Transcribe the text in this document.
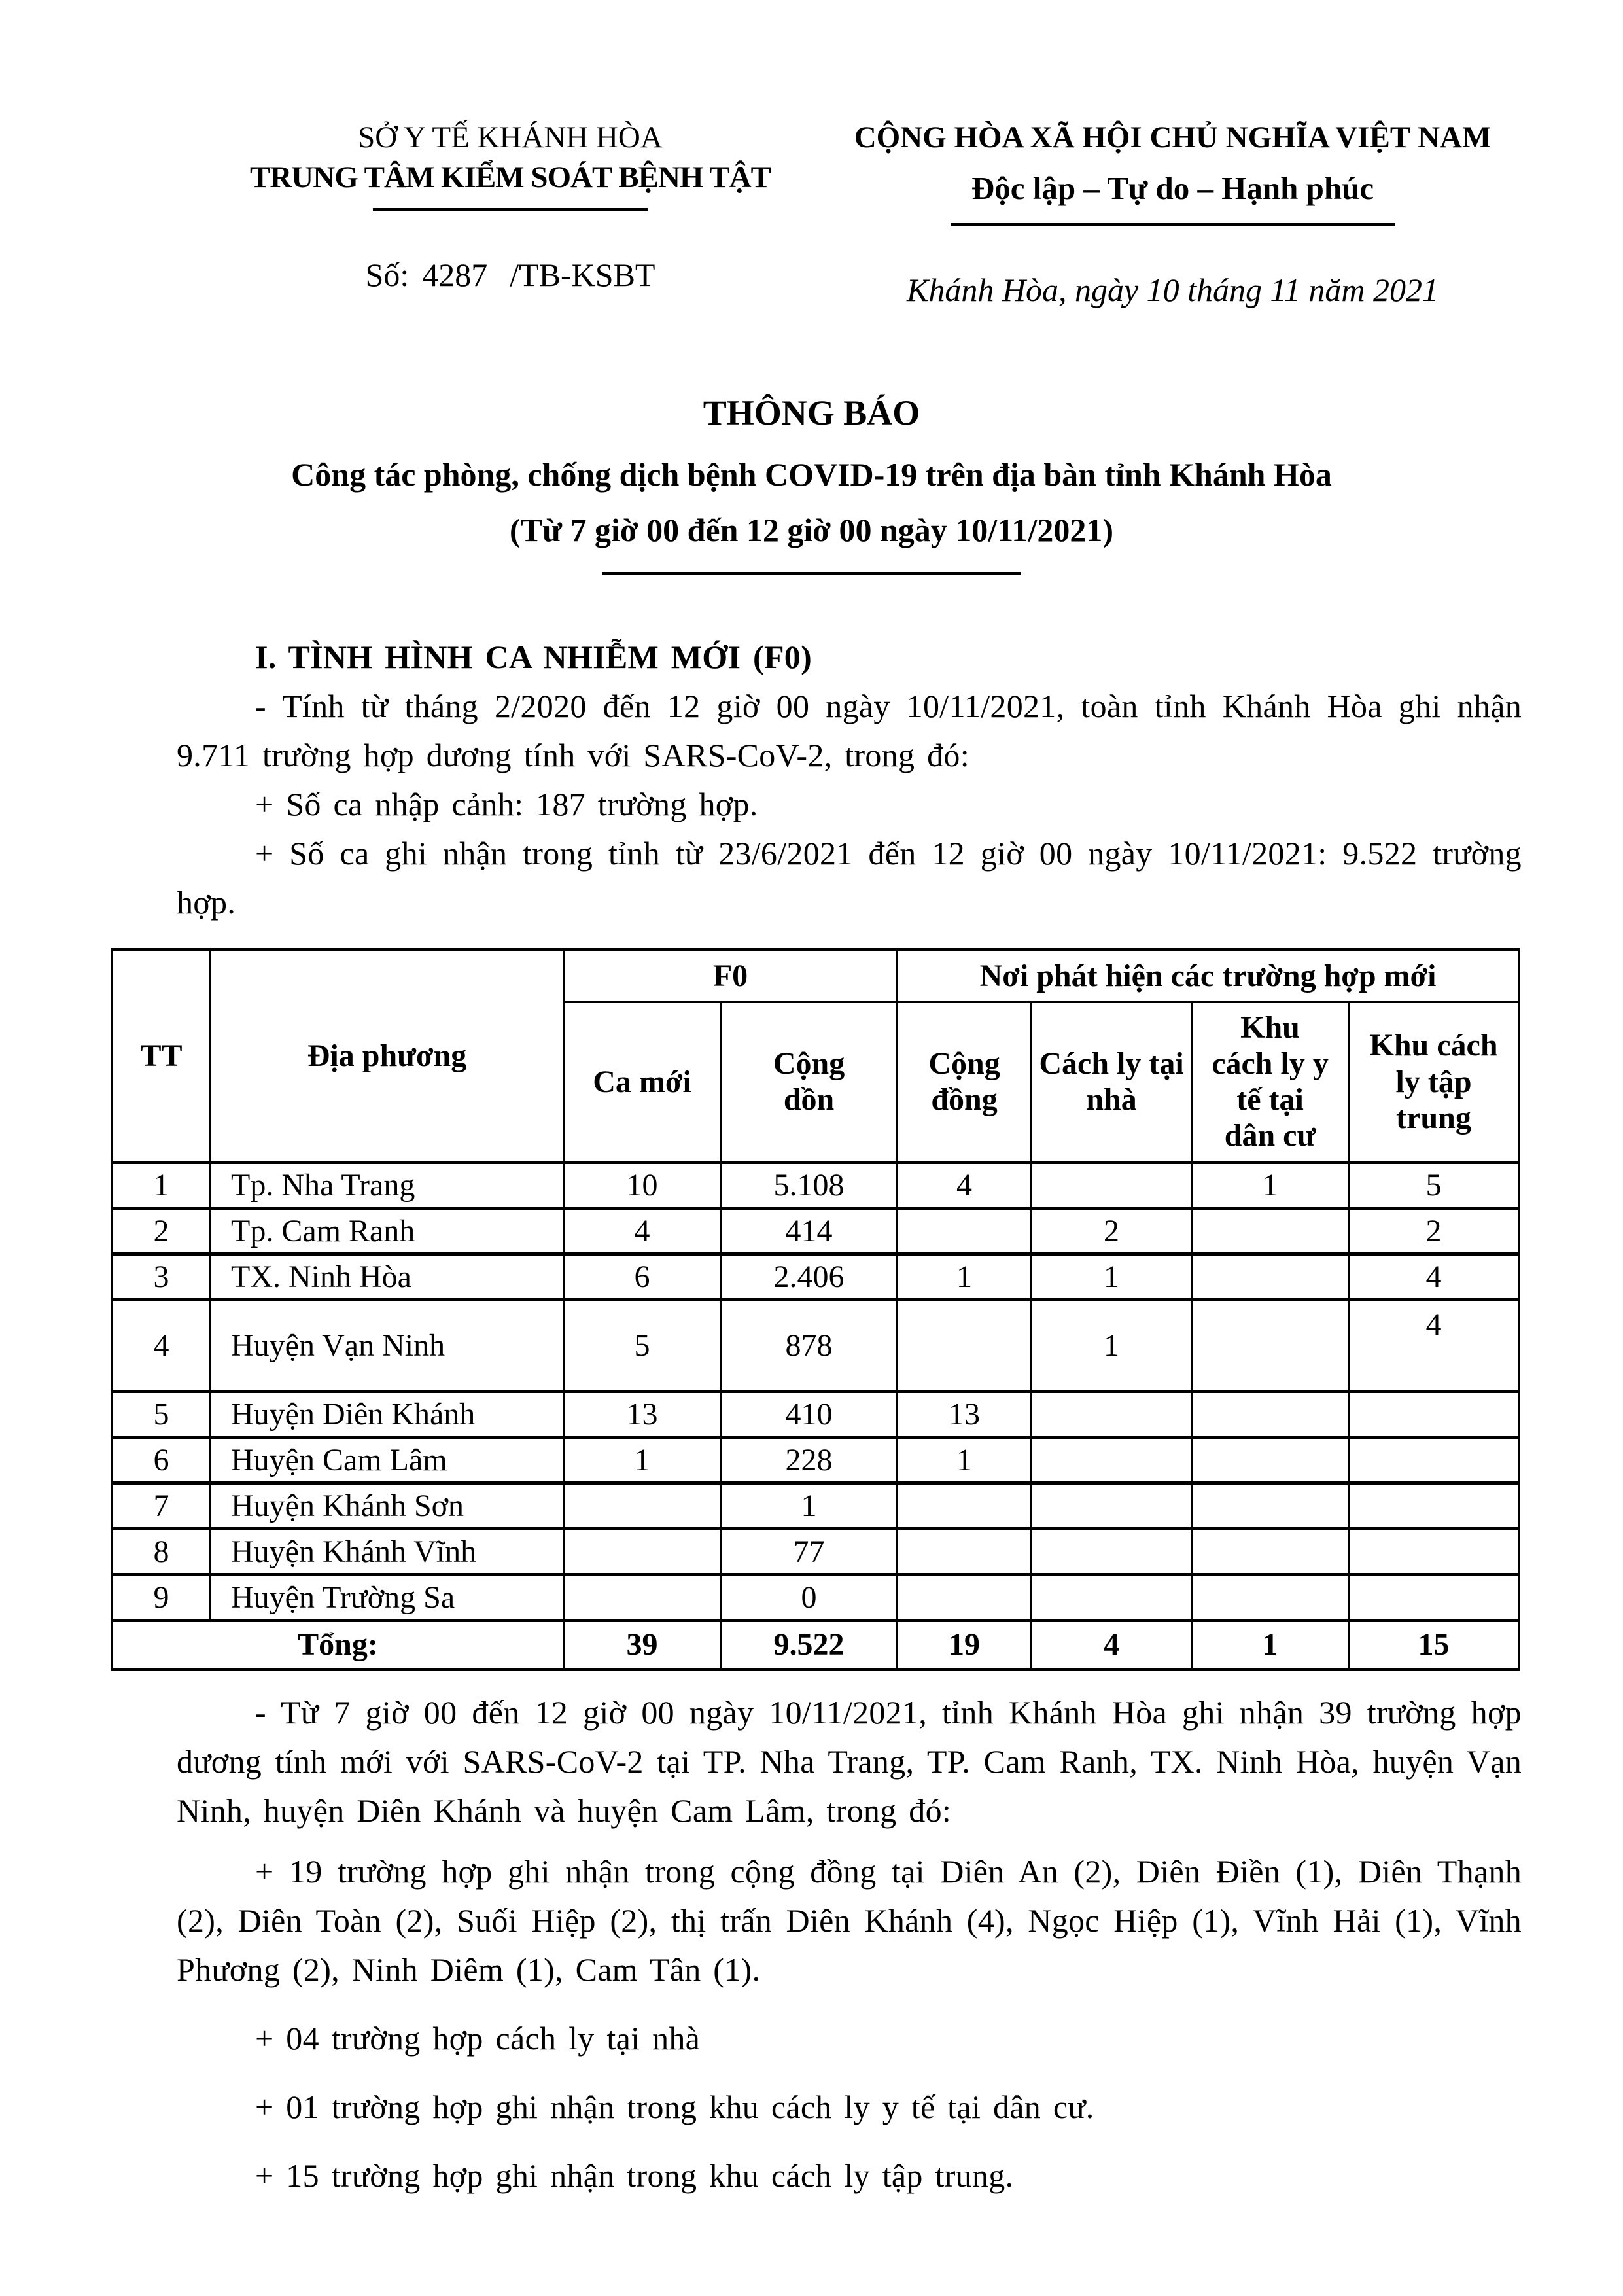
SỞ Y TẾ KHÁNH HÒA
TRUNG TÂM KIỂM SOÁT BỆNH TẬT
Số: 4287 /TB-KSBT
CỘNG HÒA XÃ HỘI CHỦ NGHĨA VIỆT NAM
Độc lập – Tự do – Hạnh phúc
Khánh Hòa, ngày 10 tháng 11 năm 2021
THÔNG BÁO
Công tác phòng, chống dịch bệnh COVID-19 trên địa bàn tỉnh Khánh Hòa
(Từ 7 giờ 00 đến 12 giờ 00 ngày 10/11/2021)

I. TÌNH HÌNH CA NHIỄM MỚI (F0)

- Tính từ tháng 2/2020 đến 12 giờ 00 ngày 10/11/2021, toàn tỉnh Khánh Hòa ghi nhận 9.711 trường hợp dương tính với SARS-CoV-2, trong đó:

+ Số ca nhập cảnh: 187 trường hợp.

+ Số ca ghi nhận trong tỉnh từ 23/6/2021 đến 12 giờ 00 ngày 10/11/2021: 9.522 trường hợp.

TT	Địa phương	F0		Nơi phát hiện các trường hợp mới			
		Ca mới	Cộng dồn	Cộng đồng	Cách ly tại nhà	Khu cách ly y tế tại dân cư	Khu cách ly tập trung
1	Tp. Nha Trang	10	5.108	4		1	5
2	Tp. Cam Ranh	4	414		2		2
3	TX. Ninh Hòa	6	2.406	1	1		4
4	Huyện Vạn Ninh	5	878		1		4
5	Huyện Diên Khánh	13	410	13			
6	Huyện Cam Lâm	1	228	1			
7	Huyện Khánh Sơn		1				
8	Huyện Khánh Vĩnh		77				
9	Huyện Trường Sa		0				
Tổng:		39	9.522	19	4	1	15

- Từ 7 giờ 00 đến 12 giờ 00 ngày 10/11/2021, tỉnh Khánh Hòa ghi nhận 39 trường hợp dương tính mới với SARS-CoV-2 tại TP. Nha Trang, TP. Cam Ranh, TX. Ninh Hòa, huyện Vạn Ninh, huyện Diên Khánh và huyện Cam Lâm, trong đó:

+ 19 trường hợp ghi nhận trong cộng đồng tại Diên An (2), Diên Điền (1), Diên Thạnh (2), Diên Toàn (2), Suối Hiệp (2), thị trấn Diên Khánh (4), Ngọc Hiệp (1), Vĩnh Hải (1), Vĩnh Phương (2), Ninh Diêm (1), Cam Tân (1).

+ 04 trường hợp cách ly tại nhà

+ 01 trường hợp ghi nhận trong khu cách ly y tế tại dân cư.

+ 15 trường hợp ghi nhận trong khu cách ly tập trung.
